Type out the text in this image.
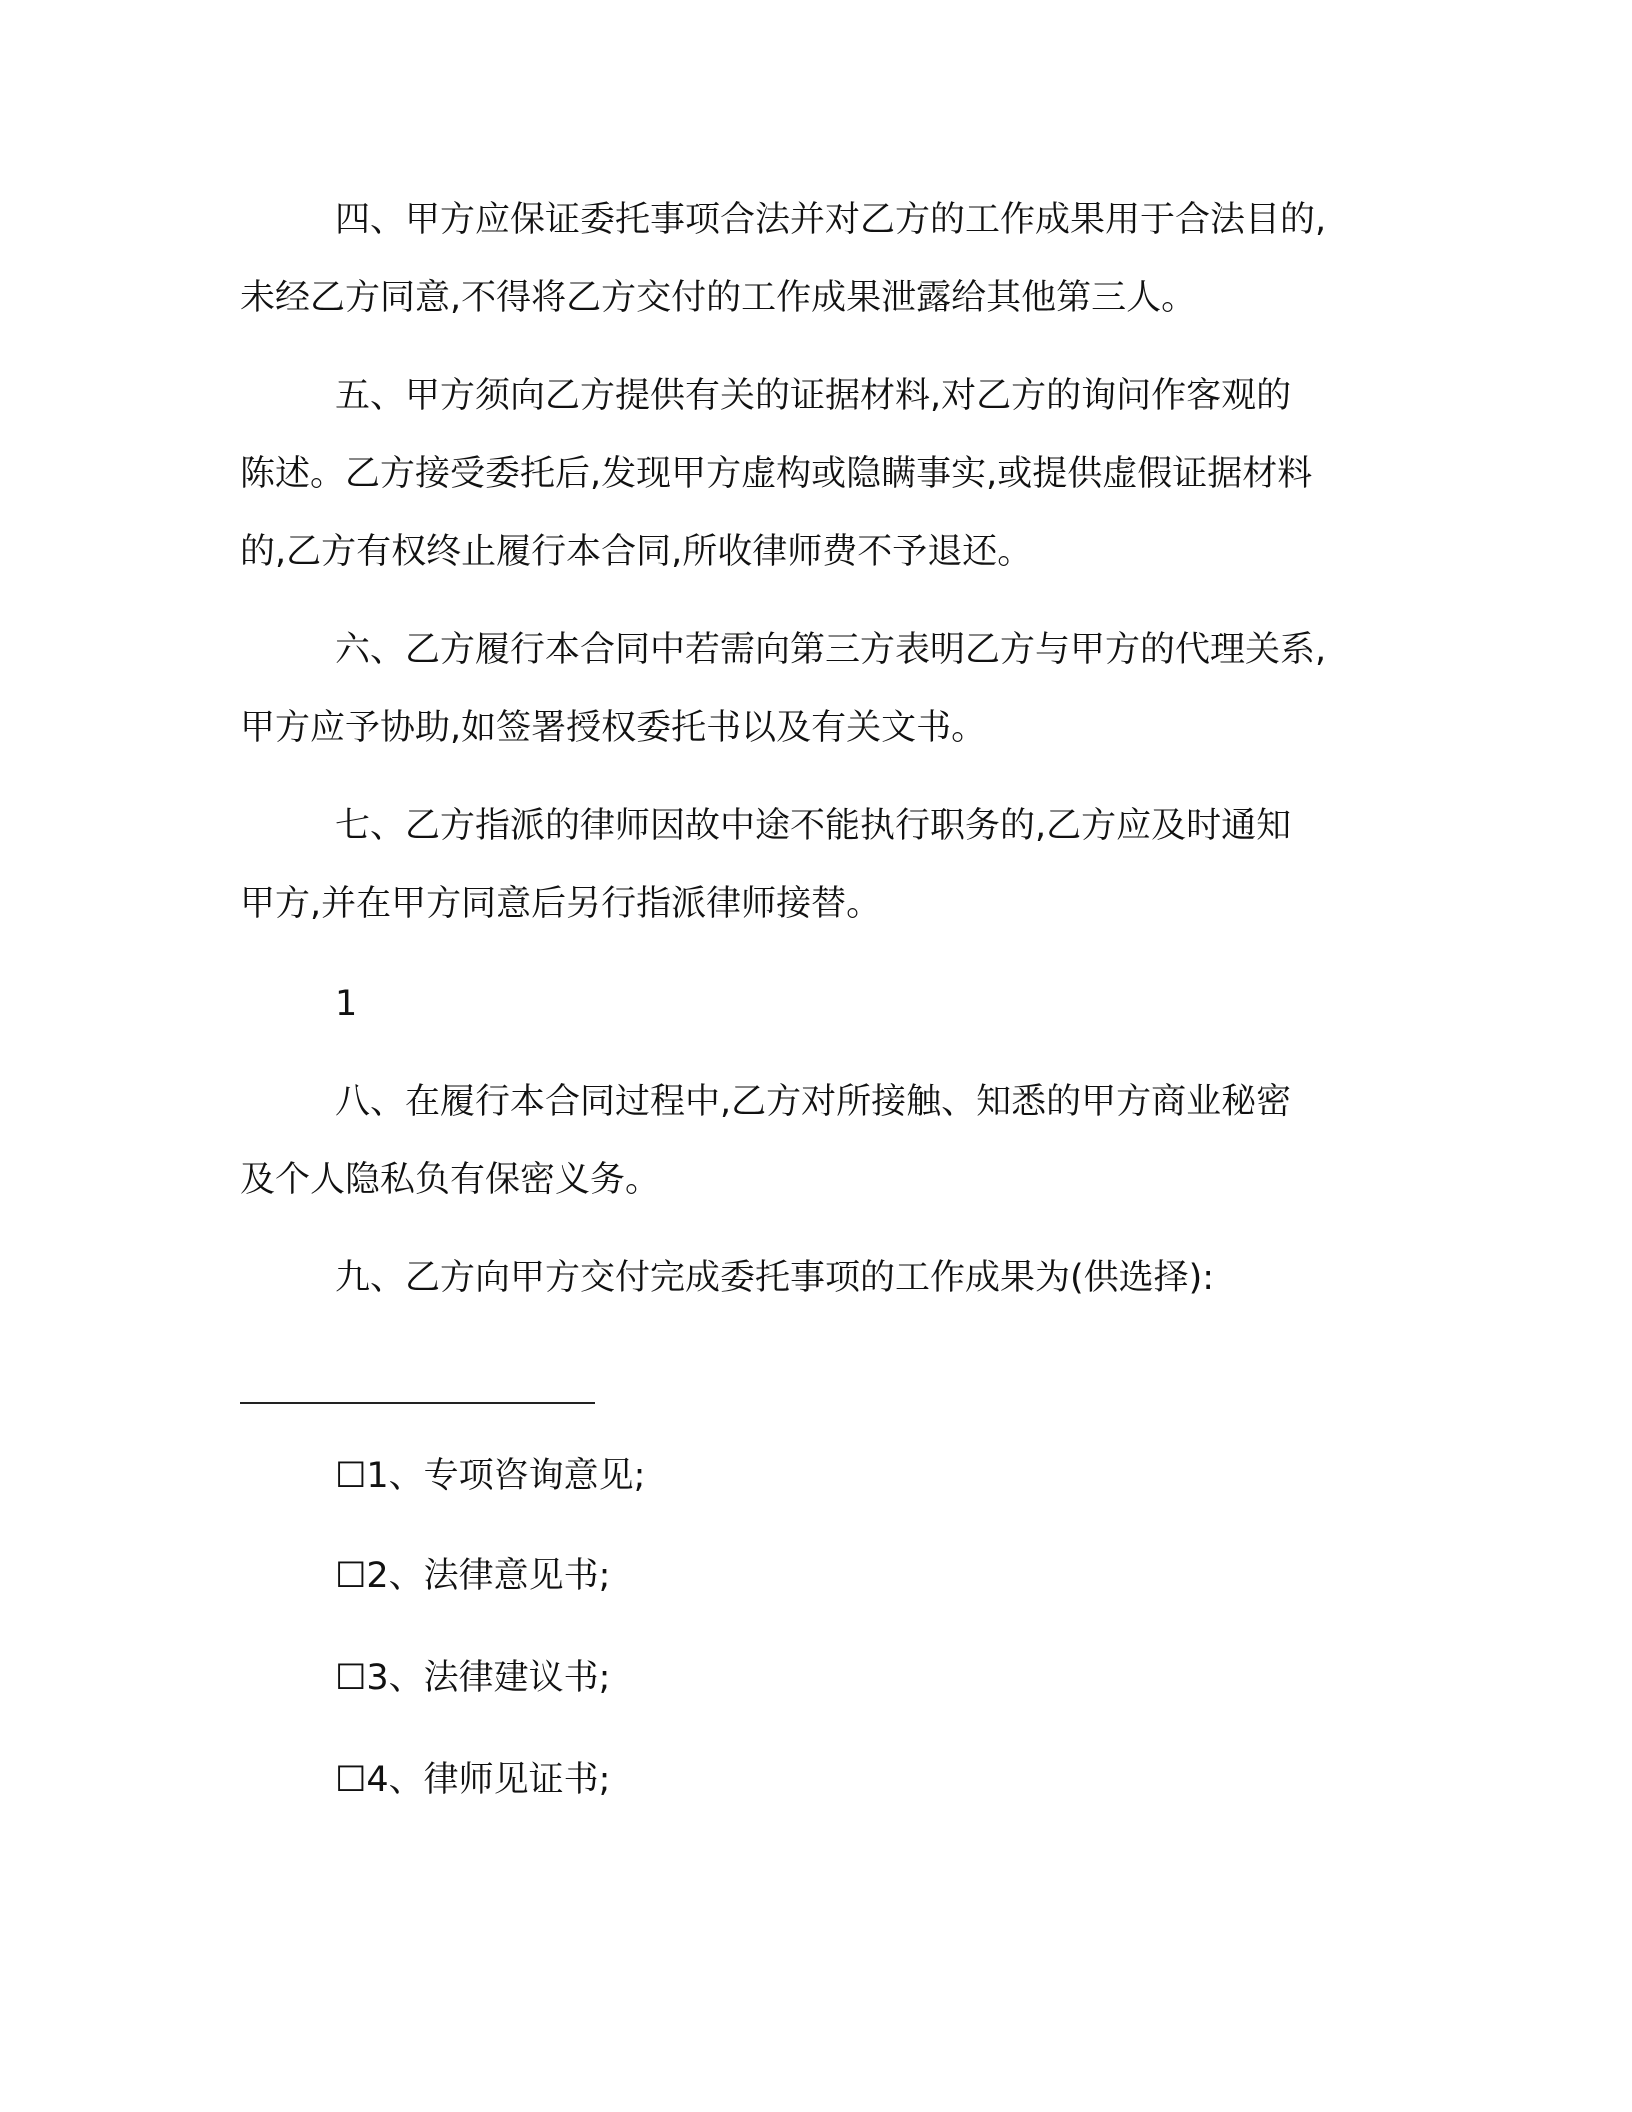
四、甲方应保证委托事项合法并对乙方的工作成果用于合法目的,
未经乙方同意,不得将乙方交付的工作成果泄露给其他第三人。
五、甲方须向乙方提供有关的证据材料,对乙方的询问作客观的
陈述。乙方接受委托后,发现甲方虚构或隐瞒事实,或提供虚假证据材料
的,乙方有权终止履行本合同,所收律师费不予退还。
六、乙方履行本合同中若需向第三方表明乙方与甲方的代理关系,
甲方应予协助,如签署授权委托书以及有关文书。
七、乙方指派的律师因故中途不能执行职务的,乙方应及时通知
甲方,并在甲方同意后另行指派律师接替。
1
八、在履行本合同过程中,乙方对所接触、知悉的甲方商业秘密
及个人隐私负有保密义务。
九、乙方向甲方交付完成委托事项的工作成果为(供选择):
☐1、专项咨询意见;
☐2、法律意见书;
☐3、法律建议书;
☐4、律师见证书;
